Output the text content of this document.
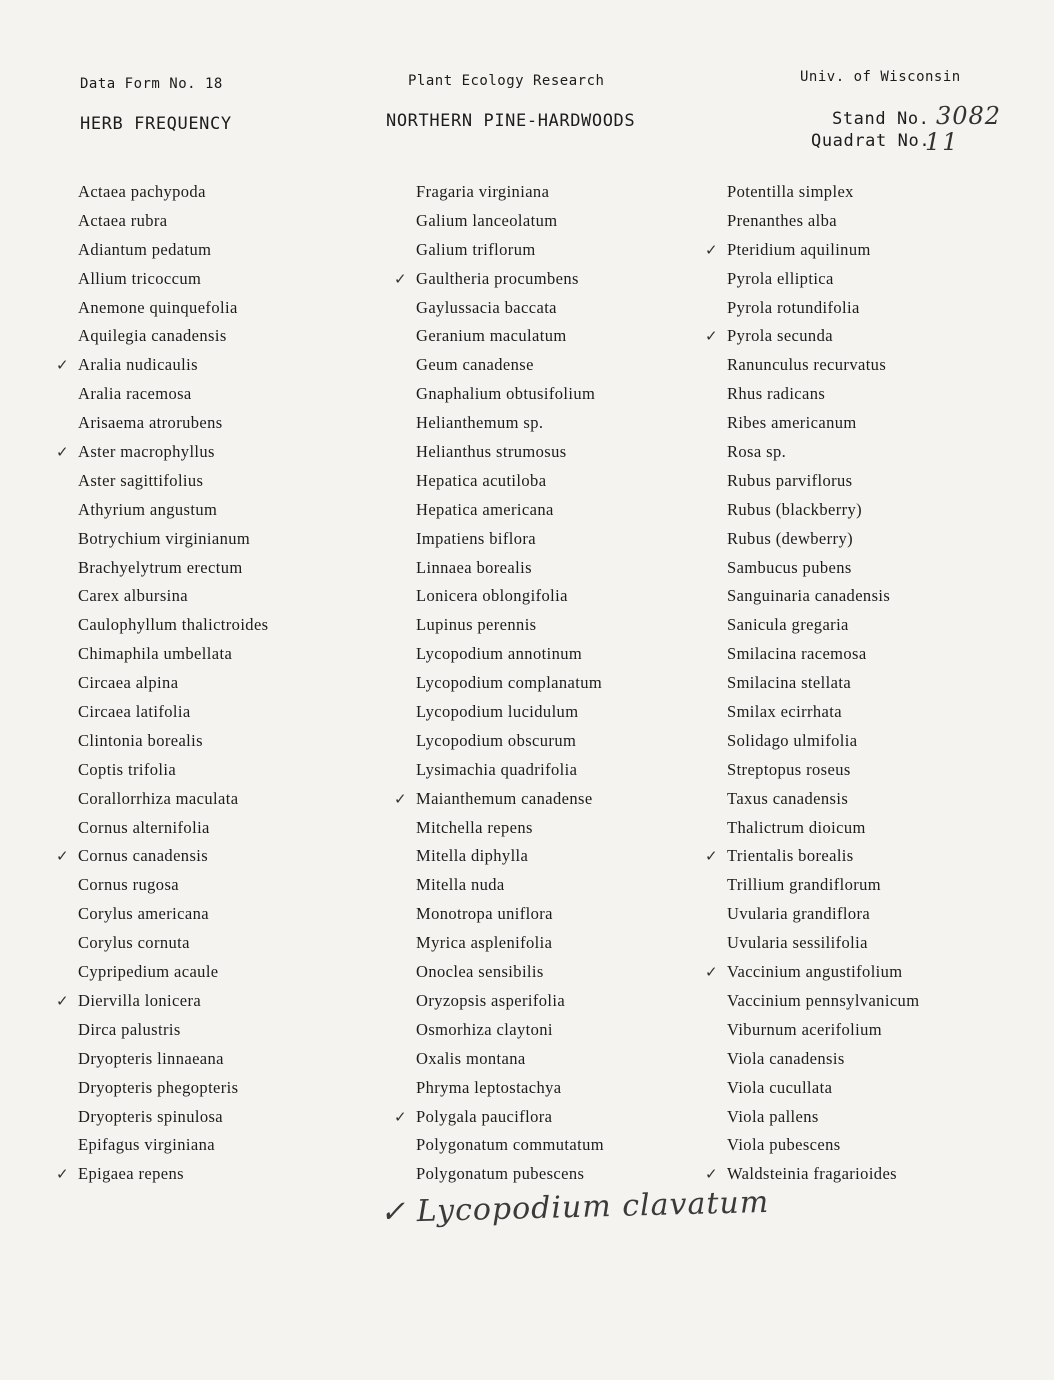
Data Form No. 18	Plant Ecology Research	Univ. of Wisconsin
HERB FREQUENCY	NORTHERN PINE-HARDWOODS	Stand No. 3082
Quadrat No.
11
Actaea pachypoda
Actaea rubra
Adiantum pedatum
Allium tricoccum
Anemone quinquefolia
Aquilegia canadensis
✓ Aralia nudicaulis
Aralia racemosa
Arisaema atrorubens
✓ Aster macrophyllus
Aster sagittifolius
Athyrium angustum
Botrychium virginianum
Brachyelytrum erectum
Carex albursina
Caulophyllum thalictroides
Chimaphila umbellata
Circaea alpina
Circaea latifolia
Clintonia borealis
Coptis trifolia
Corallorrhiza maculata
Cornus alternifolia
✓ Cornus canadensis
Cornus rugosa
Corylus americana
Corylus cornuta
Cypripedium acaule
✓ Diervilla lonicera
Dirca palustris
Dryopteris linnaeana
Dryopteris phegopteris
Dryopteris spinulosa
Epifagus virginiana
✓ Epigaea repens
Fragaria virginiana
Galium lanceolatum
Galium triflorum
✓ Gaultheria procumbens
Gaylussacia baccata
Geranium maculatum
Geum canadense
Gnaphalium obtusifolium
Helianthemum sp.
Helianthus strumosus
Hepatica acutiloba
Hepatica americana
Impatiens biflora
Linnaea borealis
Lonicera oblongifolia
Lupinus perennis
Lycopodium annotinum
Lycopodium complanatum
Lycopodium lucidulum
Lycopodium obscurum
Lysimachia quadrifolia
✓ Maianthemum canadense
Mitchella repens
Mitella diphylla
Mitella nuda
Monotropa uniflora
Myrica asplenifolia
Onoclea sensibilis
Oryzopsis asperifolia
Osmorhiza claytoni
Oxalis montana
Phryma leptostachya
✓ Polygala pauciflora
Polygonatum commutatum
Polygonatum pubescens
Potentilla simplex
Prenanthes alba
✓ Pteridium aquilinum
Pyrola elliptica
Pyrola rotundifolia
✓ Pyrola secunda
Ranunculus recurvatus
Rhus radicans
Ribes americanum
Rosa sp.
Rubus parviflorus
Rubus (blackberry)
Rubus (dewberry)
Sambucus pubens
Sanguinaria canadensis
Sanicula gregaria
Smilacina racemosa
Smilacina stellata
Smilax ecirrhata
Solidago ulmifolia
Streptopus roseus
Taxus canadensis
Thalictrum dioicum
✓ Trientalis borealis
Trillium grandiflorum
Uvularia grandiflora
Uvularia sessilifolia
✓ Vaccinium angustifolium
Vaccinium pennsylvanicum
Viburnum acerifolium
Viola canadensis
Viola cucullata
Viola pallens
Viola pubescens
✓ Waldsteinia fragarioides
✓ Lycopodium clavatum
